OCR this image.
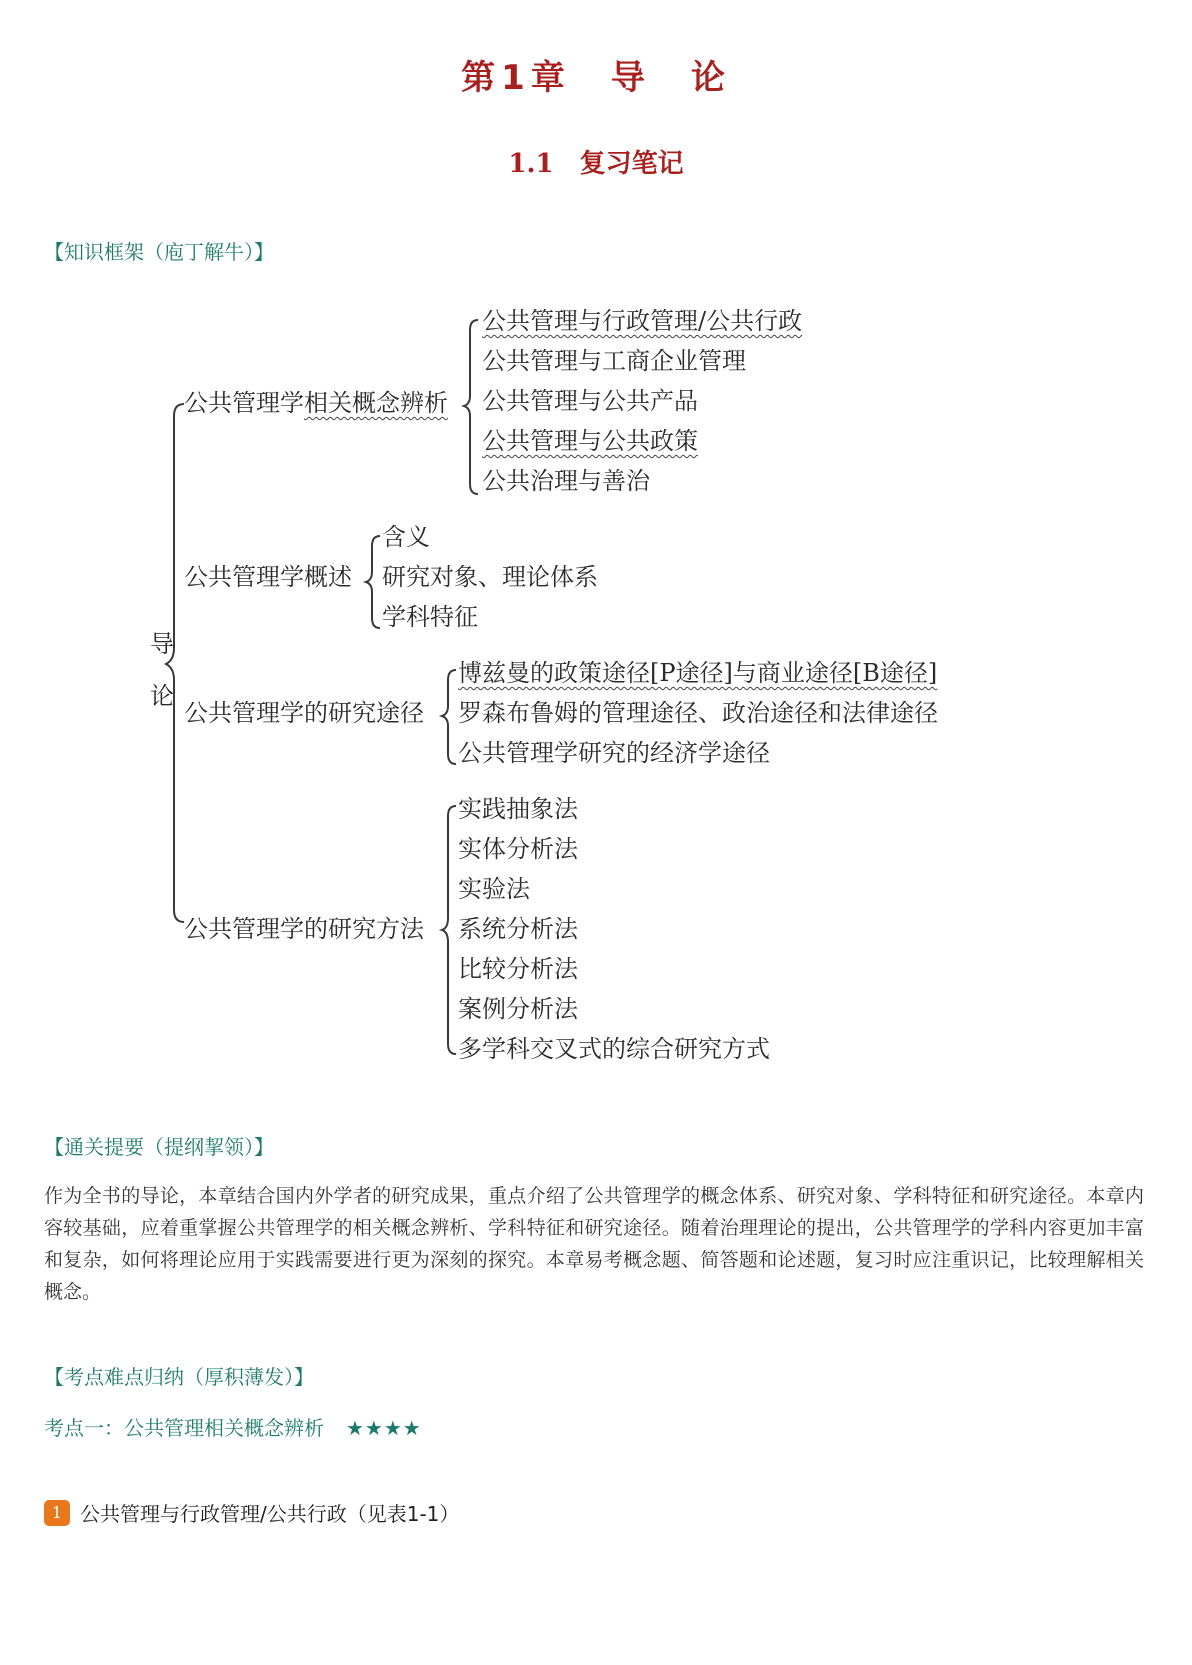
第1章　导　论
1.1 复习笔记
【知识框架（庖丁解牛）】
导
论
公共管理学相关概念辨析
公共管理与行政管理/公共行政
公共管理与工商企业管理
公共管理与公共产品
公共管理与公共政策
公共治理与善治
公共管理学概述
含义
研究对象、理论体系
学科特征
公共管理学的研究途径
博兹曼的政策途径[P途径]与商业途径[B途径]
罗森布鲁姆的管理途径、政治途径和法律途径
公共管理学研究的经济学途径
公共管理学的研究方法
实践抽象法
实体分析法
实验法
系统分析法
比较分析法
案例分析法
多学科交叉式的综合研究方式
【通关提要（提纲挈领）】

作为全书的导论，本章结合国内外学者的研究成果，重点介绍了公共管理学的概念体系、研究对象、学科特征和研究途径。本章内容较基础，应着重掌握公共管理学的相关概念辨析、学科特征和研究途径。随着治理理论的提出，公共管理学的学科内容更加丰富和复杂，如何将理论应用于实践需要进行更为深刻的探究。本章易考概念题、简答题和论述题，复习时应注重识记，比较理解相关概念。

【考点难点归纳（厚积薄发）】
考点一：公共管理相关概念辨析 ★★★★
1 公共管理与行政管理/公共行政（见表1-1）
